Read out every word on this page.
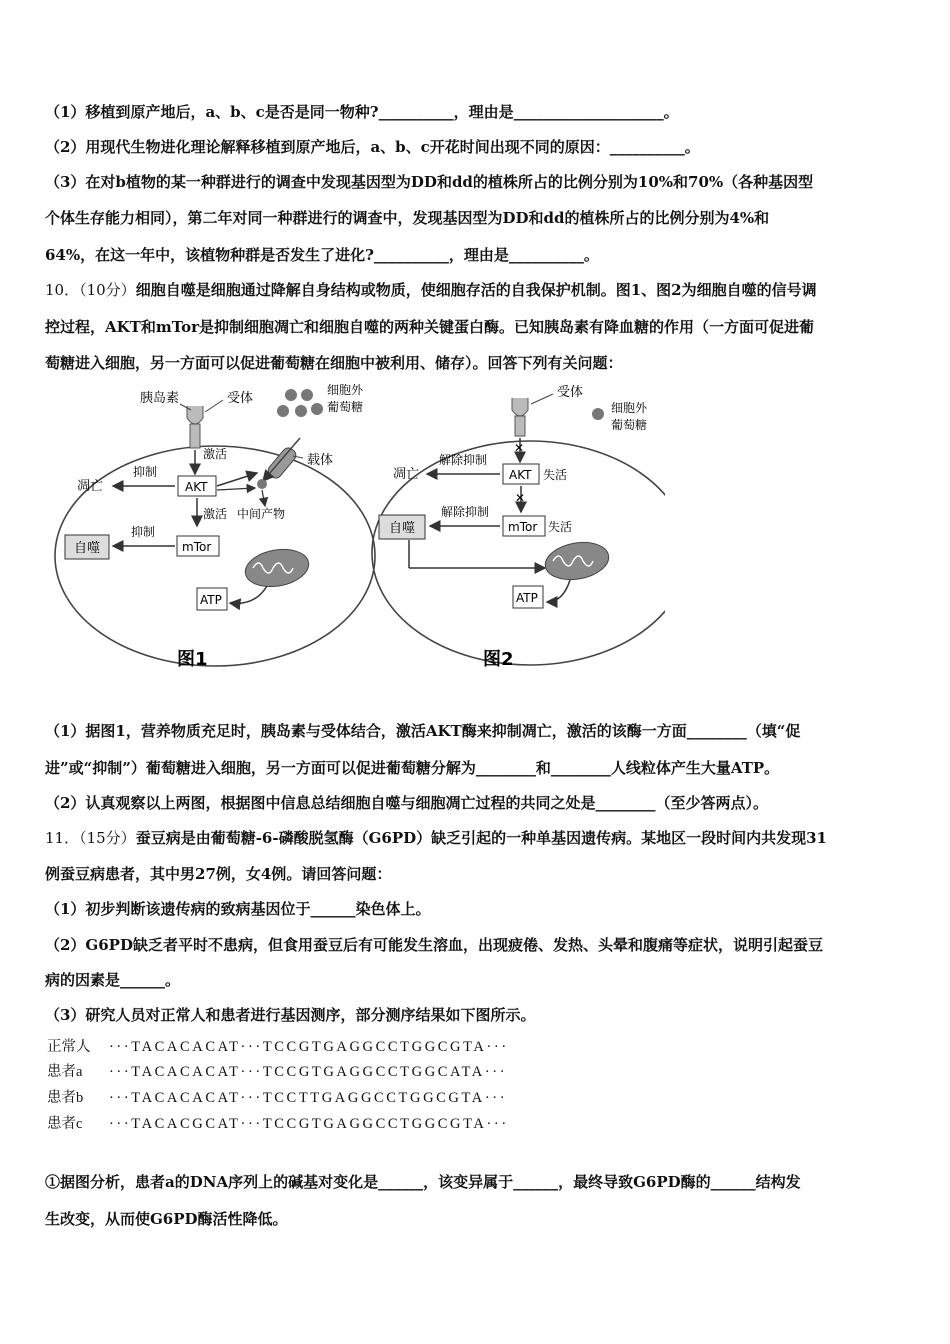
（1）移植到原产地后，a、b、c是否是同一物种?__________，理由是____________________。
（2）用现代生物进化理论解释移植到原产地后，a、b、c开花时间出现不同的原因：__________。
（3）在对b植物的某一种群进行的调查中发现基因型为DD和dd的植株所占的比例分别为10%和70%（各种基因型
个体生存能力相同），第二年对同一种群进行的调查中，发现基因型为DD和dd的植株所占的比例分别为4%和
64%，在这一年中，该植物种群是否发生了进化?__________，理由是__________。
10．（10分）细胞自噬是细胞通过降解自身结构或物质，使细胞存活的自我保护机制。图1、图2为细胞自噬的信号调
控过程，AKT和mTor是抑制细胞凋亡和细胞自噬的两种关键蛋白酶。已知胰岛素有降血糖的作用（一方面可促进葡
萄糖进入细胞，另一方面可以促进葡萄糖在细胞中被利用、储存）。回答下列有关问题：
胰岛素	受体
细胞外
葡萄糖
载体
激活
AKT
抑制
凋亡
激活 中间产物
mTor
抑制
自噬
ATP
图1
受体
细胞外
葡萄糖
✕
AKT 失活
解除抑制
凋亡
✕
mTor 失活
解除抑制
自噬
ATP
图2
（1）据图1，营养物质充足时，胰岛素与受体结合，激活AKT酶来抑制凋亡，激活的该酶一方面________（填“促
进”或“抑制”）葡萄糖进入细胞，另一方面可以促进葡萄糖分解为________和________人线粒体产生大量ATP。
（2）认真观察以上两图，根据图中信息总结细胞自噬与细胞凋亡过程的共同之处是________（至少答两点）。
11．（15分）蚕豆病是由葡萄糖-6-磷酸脱氢酶（G6PD）缺乏引起的一种单基因遗传病。某地区一段时间内共发现31
例蚕豆病患者，其中男27例，女4例。请回答问题：
（1）初步判断该遗传病的致病基因位于______染色体上。
（2）G6PD缺乏者平时不患病，但食用蚕豆后有可能发生溶血，出现疲倦、发热、头晕和腹痛等症状，说明引起蚕豆
病的因素是______。
（3）研究人员对正常人和患者进行基因测序，部分测序结果如下图所示。
正常人 ···TACACACAT···TCCGTGAGGCCTGGCGTA···
患者a ···TACACACAT···TCCGTGAGGCCTGGCATA···
患者b ···TACACACAT···TCCTTGAGGCCTGGCGTA···
患者c ···TACACGCAT···TCCGTGAGGCCTGGCGTA···
①据图分析，患者a的DNA序列上的碱基对变化是______，该变异属于______，最终导致G6PD酶的______结构发
生改变，从而使G6PD酶活性降低。
